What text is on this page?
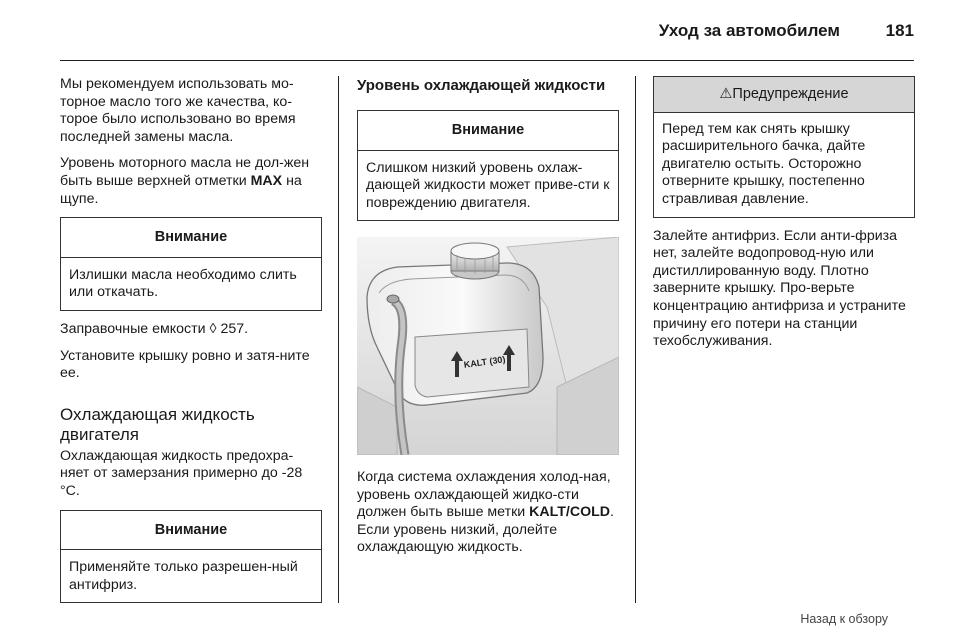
Уход за автомобилем	181

Мы рекомендуем использовать мо-торное масло того же качества, ко-торое было использовано во время последней замены масла.

Уровень моторного масла не дол-жен быть выше верхней отметки MAX на щупе.

Внимание
Излишки масла необходимо слить или откачать.

Заправочные емкости ◊ 257.

Установите крышку ровно и затя-ните ее.

Охлаждающая жидкость двигателя

Охлаждающая жидкость предохра-няет от замерзания примерно до -28 °С.

Внимание
Применяйте только разрешен-ный антифриз.
Уровень охлаждающей жидкости
Внимание
Слишком низкий уровень охлаж-дающей жидкости может приве-сти к повреждению двигателя.
KALT (30)

Когда система охлаждения холод-ная, уровень охлаждающей жидко-сти должен быть выше метки KALT/COLD. Если уровень низкий, долейте охлаждающую жидкость.

⚠Предупреждение
Перед тем как снять крышку расширительного бачка, дайте двигателю остыть. Осторожно отверните крышку, постепенно стравливая давление.

Залейте антифриз. Если анти-фриза нет, залейте водопровод-ную или дистиллированную воду. Плотно заверните крышку. Про-верьте концентрацию антифриза и устраните причину его потери на станции техобслуживания.

Назад к обзору
